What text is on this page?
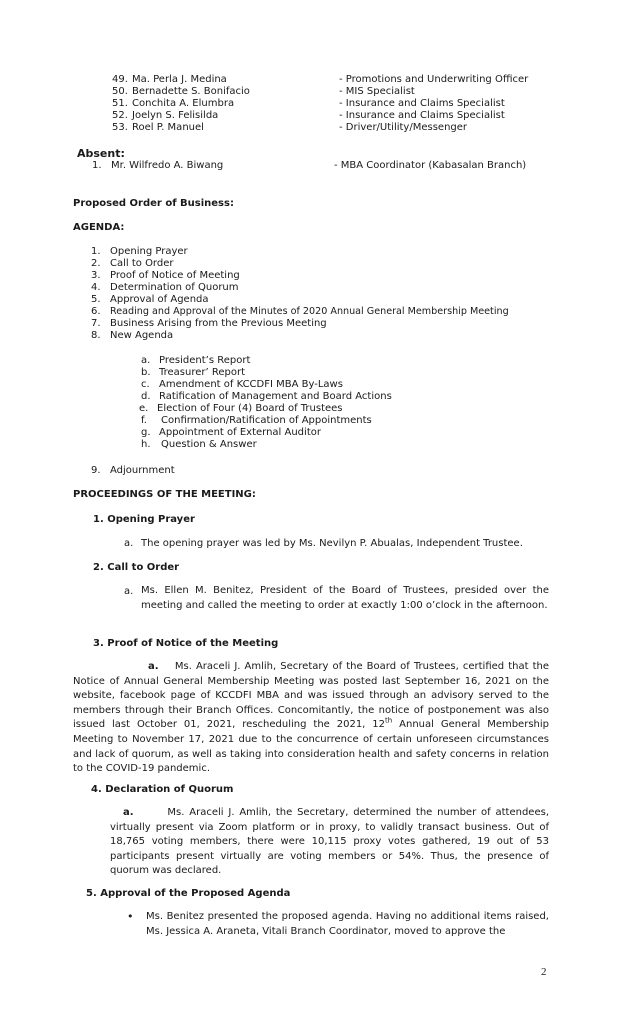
49. Ma. Perla J. Medina	- Promotions and Underwriting Officer
50. Bernadette S. Bonifacio	- MIS Specialist
51. Conchita A. Elumbra	- Insurance and Claims Specialist
52. Joelyn S. Felisilda	- Insurance and Claims Specialist
53. Roel P. Manuel	- Driver/Utility/Messenger
Absent:
1. Mr. Wilfredo A. Biwang	- MBA Coordinator (Kabasalan Branch)
Proposed Order of Business:
AGENDA:
1. Opening Prayer
2. Call to Order
3. Proof of Notice of Meeting
4. Determination of Quorum
5. Approval of Agenda
6. Reading and Approval of the Minutes of 2020 Annual General Membership Meeting
7. Business Arising from the Previous Meeting
8. New Agenda
a. President’s Report
b. Treasurer’ Report
c. Amendment of KCCDFI MBA By-Laws
d. Ratification of Management and Board Actions
e. Election of Four (4) Board of Trustees
f. Confirmation/Ratification of Appointments
g. Appointment of External Auditor
h. Question & Answer
9. Adjournment
PROCEEDINGS OF THE MEETING:
1. Opening Prayer
a. The opening prayer was led by Ms. Nevilyn P. Abualas, Independent Trustee.
2. Call to Order
a. Ms. Ellen M. Benitez, President of the Board of Trustees, presided over the meeting and called the meeting to order at exactly 1:00 o’clock in the afternoon.
3. Proof of Notice of the Meeting
a. Ms. Araceli J. Amlih, Secretary of the Board of Trustees, certified that the Notice of Annual General Membership Meeting was posted last September 16, 2021 on the website, facebook page of KCCDFI MBA and was issued through an advisory served to the members through their Branch Offices. Concomitantly, the notice of postponement was also issued last October 01, 2021, rescheduling the 2021, 12th Annual General Membership Meeting to November 17, 2021 due to the concurrence of certain unforeseen circumstances and lack of quorum, as well as taking into consideration health and safety concerns in relation to the COVID-19 pandemic.
4. Declaration of Quorum
a.	Ms. Araceli J. Amlih, the Secretary, determined the number of attendees, virtually present via Zoom platform or in proxy, to validly transact business. Out of 18,765 voting members, there were 10,115 proxy votes gathered, 19 out of 53 participants present virtually are voting members or 54%. Thus, the presence of quorum was declared.
5. Approval of the Proposed Agenda
• Ms. Benitez presented the proposed agenda. Having no additional items raised, Ms. Jessica A. Araneta, Vitali Branch Coordinator, moved to approve the
2
